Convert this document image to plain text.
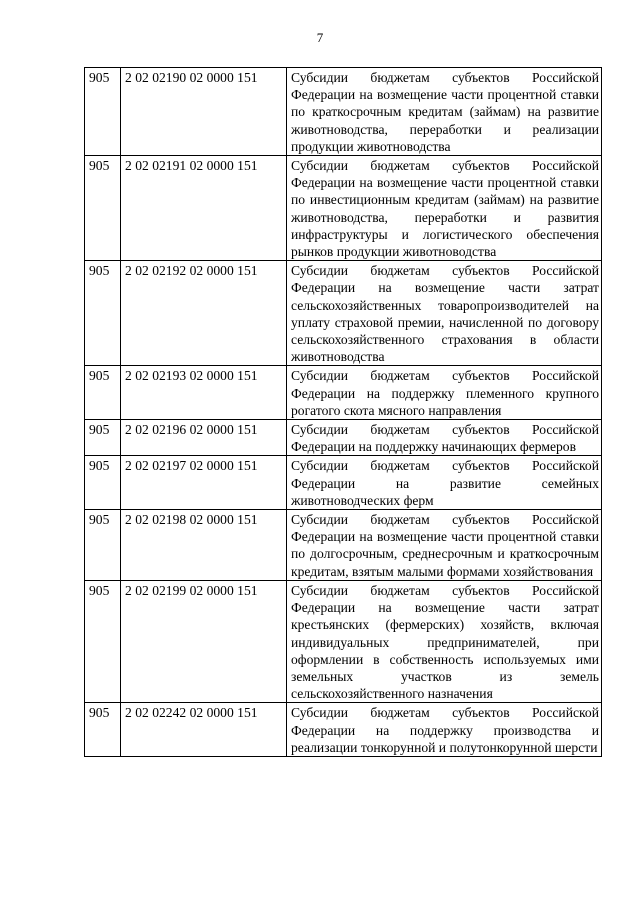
7
905	2 02 02190 02 0000 151	Субсидии бюджетам субъектов Российской Федерации на возмещение части процентной ставки по краткосрочным кредитам (займам) на развитие животноводства, переработки и реализации продукции животноводства
905	2 02 02191 02 0000 151	Субсидии бюджетам субъектов Российской Федерации на возмещение части процентной ставки по инвестиционным кредитам (займам) на развитие животноводства, переработки и развития инфраструктуры и логистического обеспечения рынков продукции животноводства
905	2 02 02192 02 0000 151	Субсидии бюджетам субъектов Российской Федерации на возмещение части затрат сельскохозяйственных товаропроизводителей на уплату страховой премии, начисленной по договору сельскохозяйственного страхования в области животноводства
905	2 02 02193 02 0000 151	Субсидии бюджетам субъектов Российской Федерации на поддержку племенного крупного рогатого скота мясного направления
905	2 02 02196 02 0000 151	Субсидии бюджетам субъектов Российской Федерации на поддержку начинающих фермеров
905	2 02 02197 02 0000 151	Субсидии бюджетам субъектов Российской Федерации на развитие семейных животноводческих ферм
905	2 02 02198 02 0000 151	Субсидии бюджетам субъектов Российской Федерации на возмещение части процентной ставки по долгосрочным, среднесрочным и краткосрочным кредитам, взятым малыми формами хозяйствования
905	2 02 02199 02 0000 151	Субсидии бюджетам субъектов Российской Федерации на возмещение части затрат крестьянских (фермерских) хозяйств, включая индивидуальных предпринимателей, при оформлении в собственность используемых ими земельных участков из земель сельскохозяйственного назначения
905	2 02 02242 02 0000 151	Субсидии бюджетам субъектов Российской Федерации на поддержку производства и реализации тонкорунной и полутонкорунной шерсти
